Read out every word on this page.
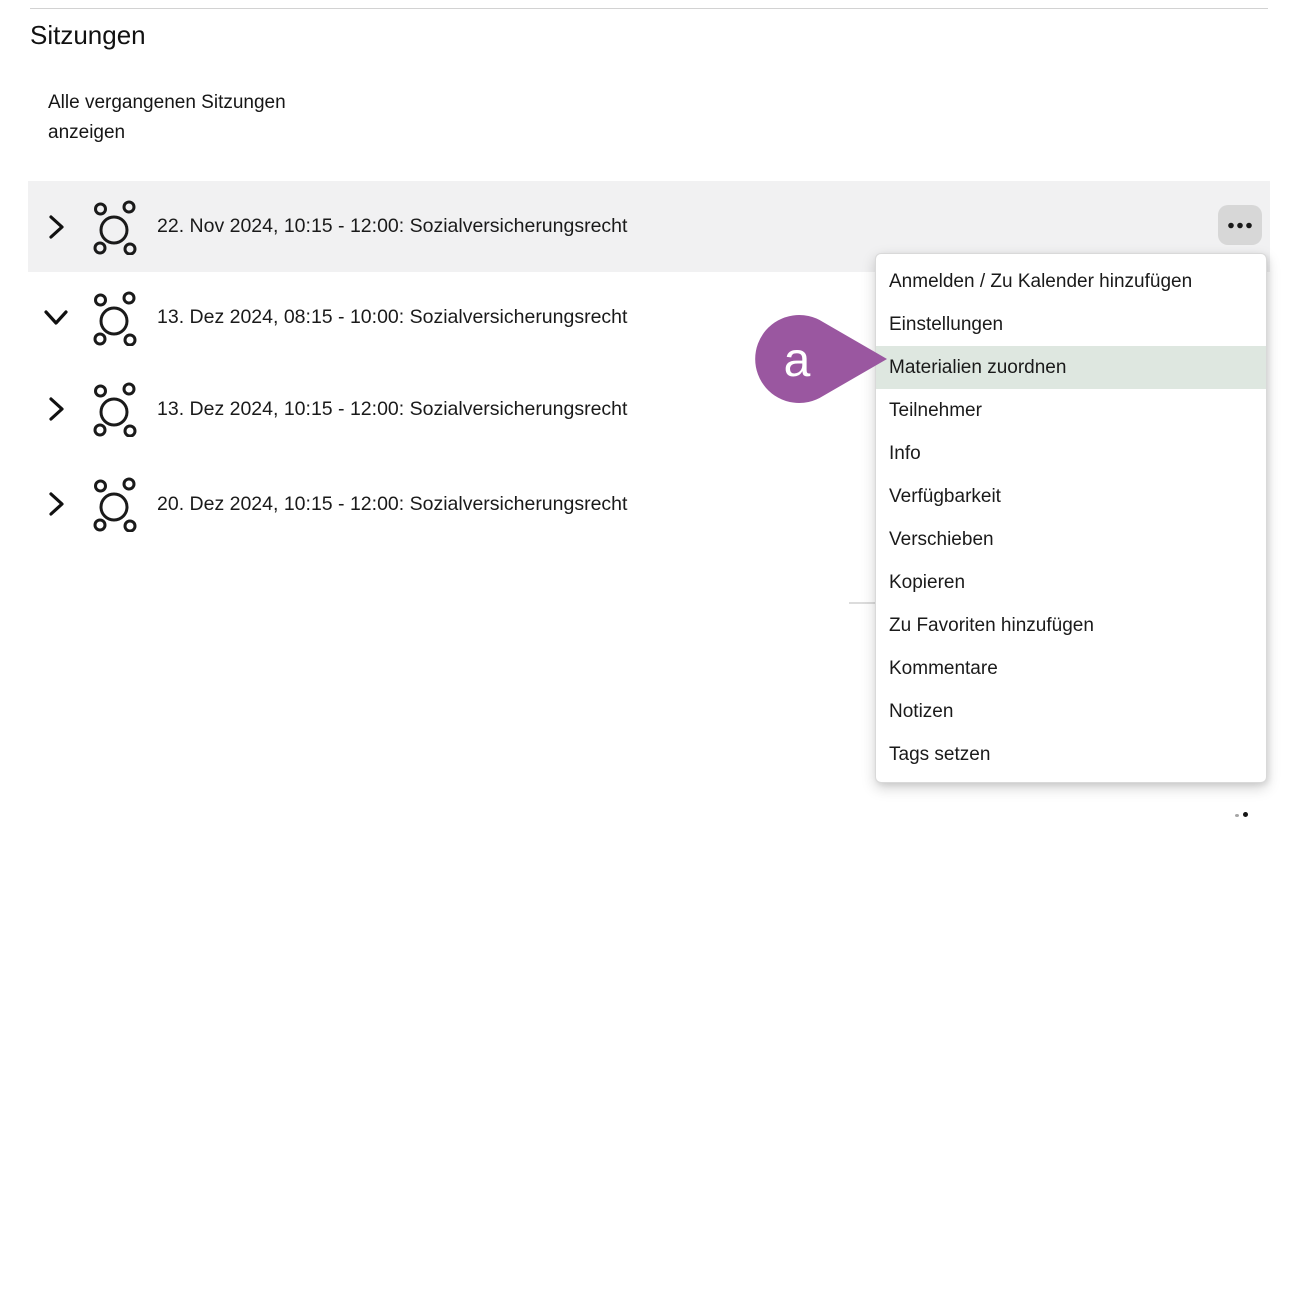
Sitzungen
Alle vergangenen Sitzungen anzeigen
22. Nov 2024, 10:15 - 12:00: Sozialversicherungsrecht
13. Dez 2024, 08:15 - 10:00: Sozialversicherungsrecht
13. Dez 2024, 10:15 - 12:00: Sozialversicherungsrecht
20. Dez 2024, 10:15 - 12:00: Sozialversicherungsrecht
Anmelden / Zu Kalender hinzufügen
Einstellungen
Materialien zuordnen
Teilnehmer
Info
Verfügbarkeit
Verschieben
Kopieren
Zu Favoriten hinzufügen
Kommentare
Notizen
Tags setzen
a
